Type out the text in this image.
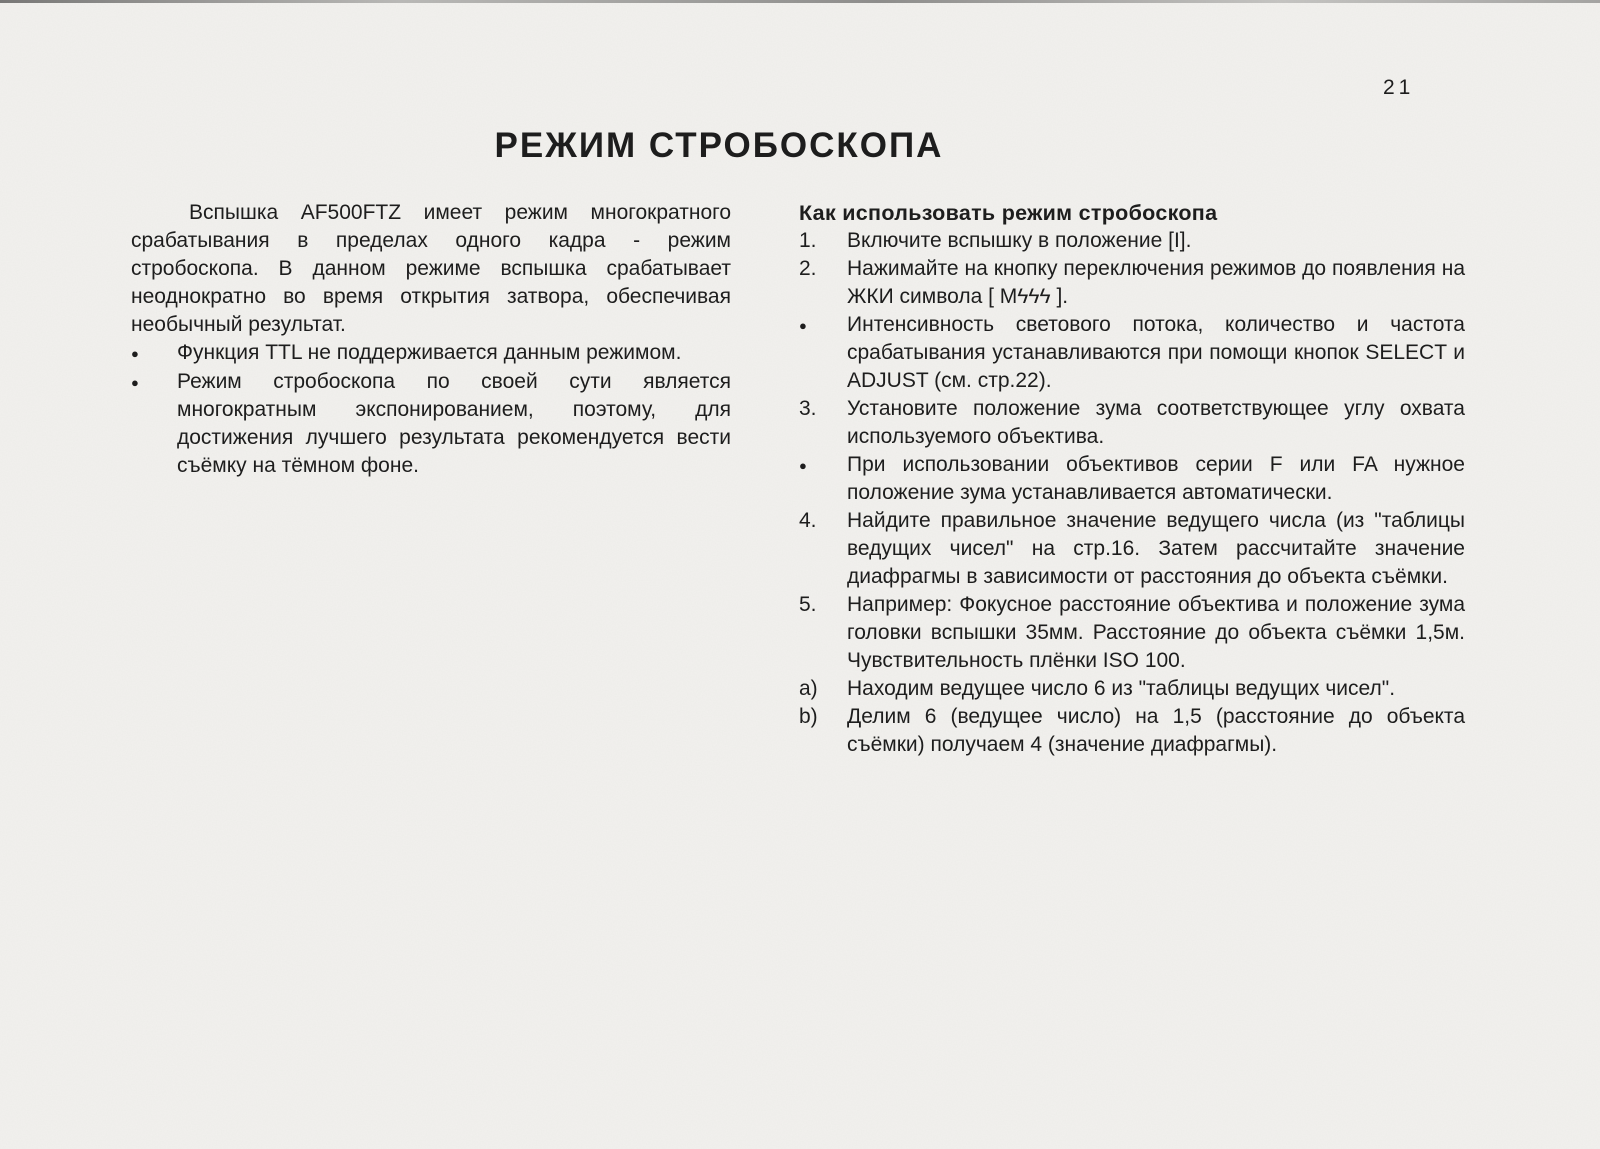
21
РЕЖИМ СТРОБОСКОПА

Вспышка AF500FTZ имеет режим многократного срабатывания в пределах одного кадра - режим стробоскопа. В данном режиме вспышка срабатывает неоднократно во время открытия затвора, обеспечивая необычный результат.

●	Функция TTL не поддерживается данным режимом.
●	Режим стробоскопа по своей сути является многократным экспонированием, поэтому, для достижения лучшего результата рекомендуется вести съёмку на тёмном фоне.
Как использовать режим стробоскопа
1.	Включите вспышку в положение [I].
2.	Нажимайте на кнопку переключения режимов до появления на ЖКИ символа [ Mϟϟϟ ].
●	Интенсивность светового потока, количество и частота срабатывания устанавливаются при помощи кнопок SELECT и ADJUST (см. стр.22).
3.	Установите положение зума соответствующее углу охвата используемого объектива.
●	При использовании объективов серии F или FA нужное положение зума устанавливается автоматически.
4.	Найдите правильное значение ведущего числа (из "таблицы ведущих чисел" на стр.16. Затем рассчитайте значение диафрагмы в зависимости от расстояния до объекта съёмки.
5.	Например: Фокусное расстояние объектива и положение зума головки вспышки 35мм. Расстояние до объекта съёмки 1,5м. Чувствительность плёнки ISO 100.
a)	Находим ведущее число 6 из "таблицы ведущих чисел".
b)	Делим 6 (ведущее число) на 1,5 (расстояние до объекта съёмки) получаем 4 (значение диафрагмы).
